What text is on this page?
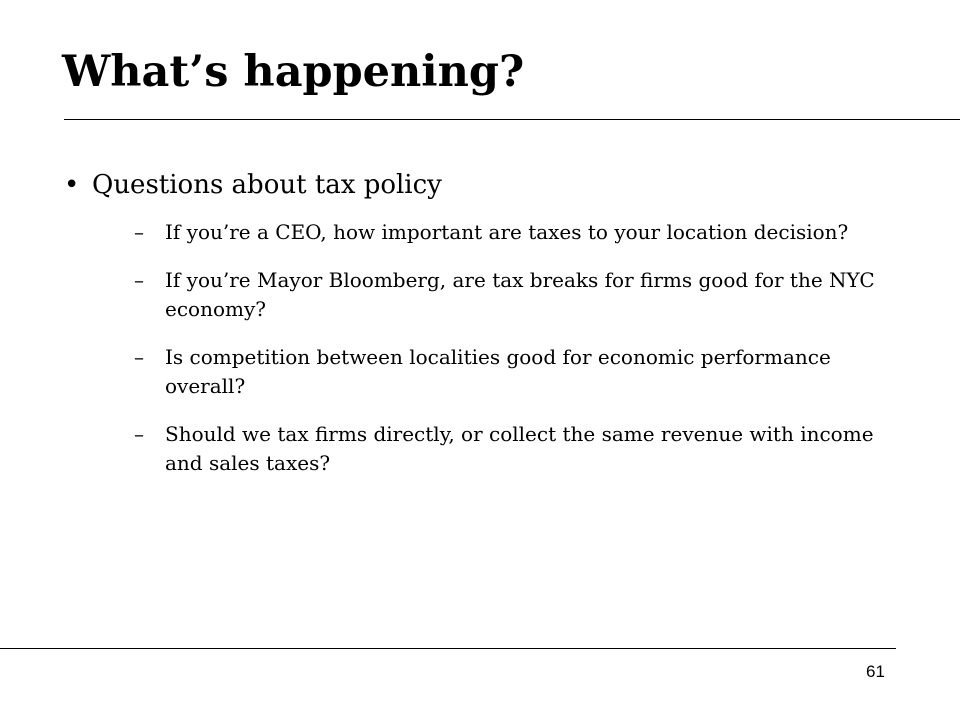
What’s happening?
• Questions about tax policy
– If you’re a CEO, how important are taxes to your location decision?
– If you’re Mayor Bloomberg, are tax breaks for firms good for the NYC economy?
– Is competition between localities good for economic performance overall?
– Should we tax firms directly, or collect the same revenue with income and sales taxes?
61
